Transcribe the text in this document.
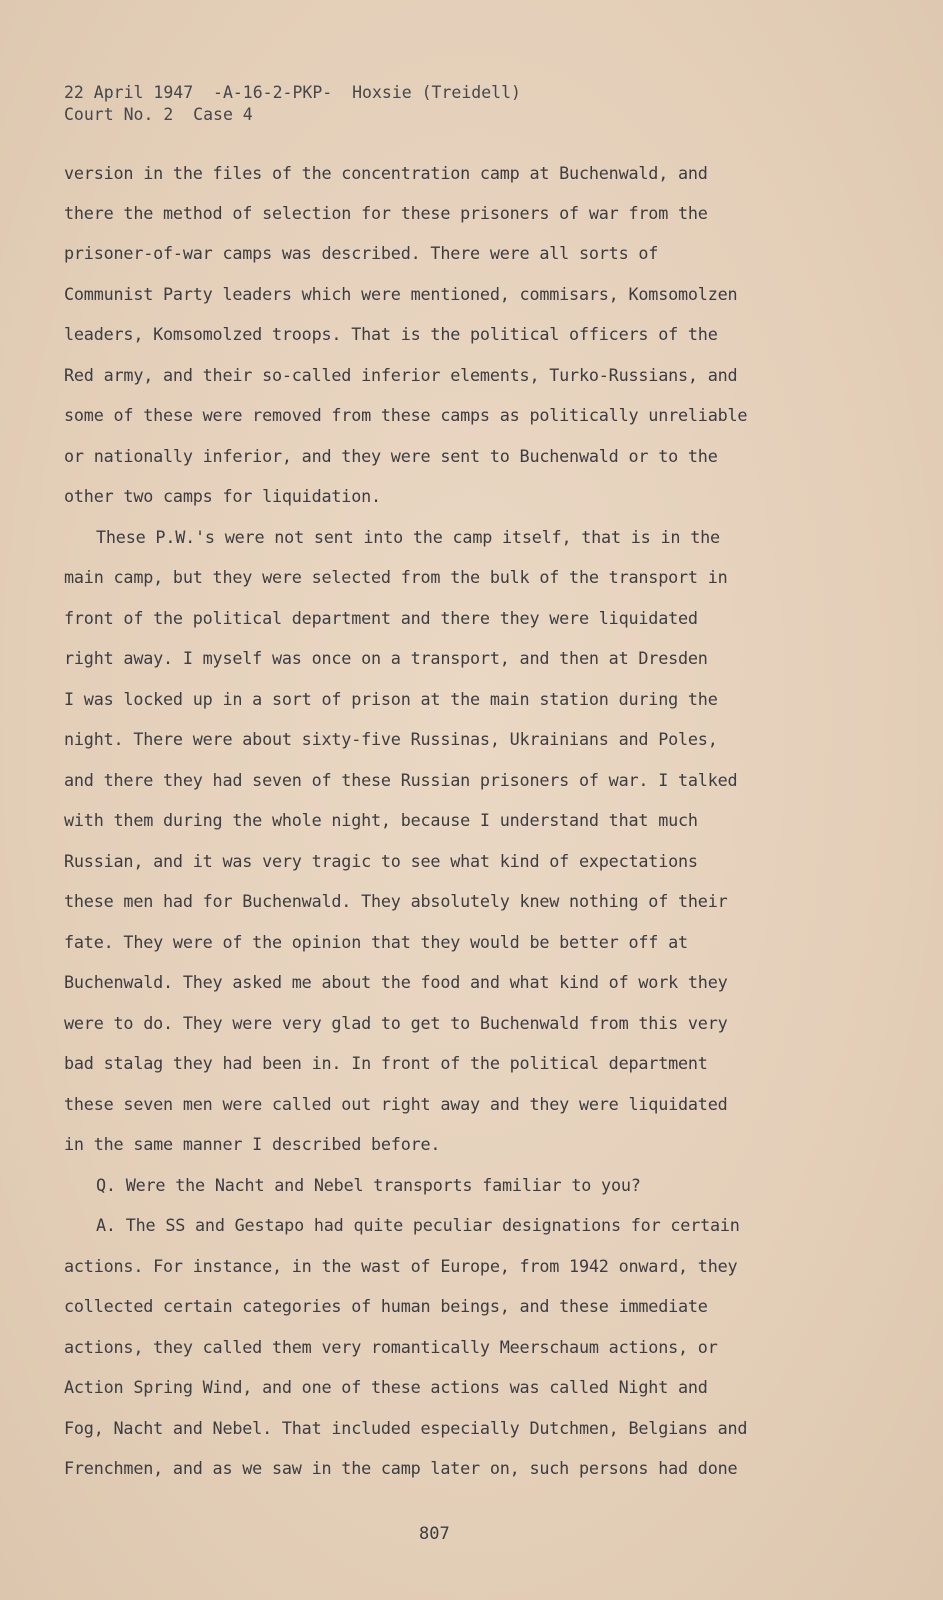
22 April 1947  -A-16-2-PKP-  Hoxsie (Treidell)
Court No. 2  Case 4
version in the files of the concentration camp at Buchenwald, and
there the method of selection for these prisoners of war from the
prisoner-of-war camps was described. There were all sorts of
Communist Party leaders which were mentioned, commisars, Komsomolzen
leaders, Komsomolzed troops. That is the political officers of the
Red army, and their so-called inferior elements, Turko-Russians, and
some of these were removed from these camps as politically unreliable
or nationally inferior, and they were sent to Buchenwald or to the
other two camps for liquidation.
These P.W.'s were not sent into the camp itself, that is in the
main camp, but they were selected from the bulk of the transport in
front of the political department and there they were liquidated
right away. I myself was once on a transport, and then at Dresden
I was locked up in a sort of prison at the main station during the
night. There were about sixty-five Russinas, Ukrainians and Poles,
and there they had seven of these Russian prisoners of war. I talked
with them during the whole night, because I understand that much
Russian, and it was very tragic to see what kind of expectations
these men had for Buchenwald. They absolutely knew nothing of their
fate. They were of the opinion that they would be better off at
Buchenwald. They asked me about the food and what kind of work they
were to do. They were very glad to get to Buchenwald from this very
bad stalag they had been in. In front of the political department
these seven men were called out right away and they were liquidated
in the same manner I described before.
Q. Were the Nacht and Nebel transports familiar to you?
A. The SS and Gestapo had quite peculiar designations for certain
actions. For instance, in the wast of Europe, from 1942 onward, they
collected certain categories of human beings, and these immediate
actions, they called them very romantically Meerschaum actions, or
Action Spring Wind, and one of these actions was called Night and
Fog, Nacht and Nebel. That included especially Dutchmen, Belgians and
Frenchmen, and as we saw in the camp later on, such persons had done
807
